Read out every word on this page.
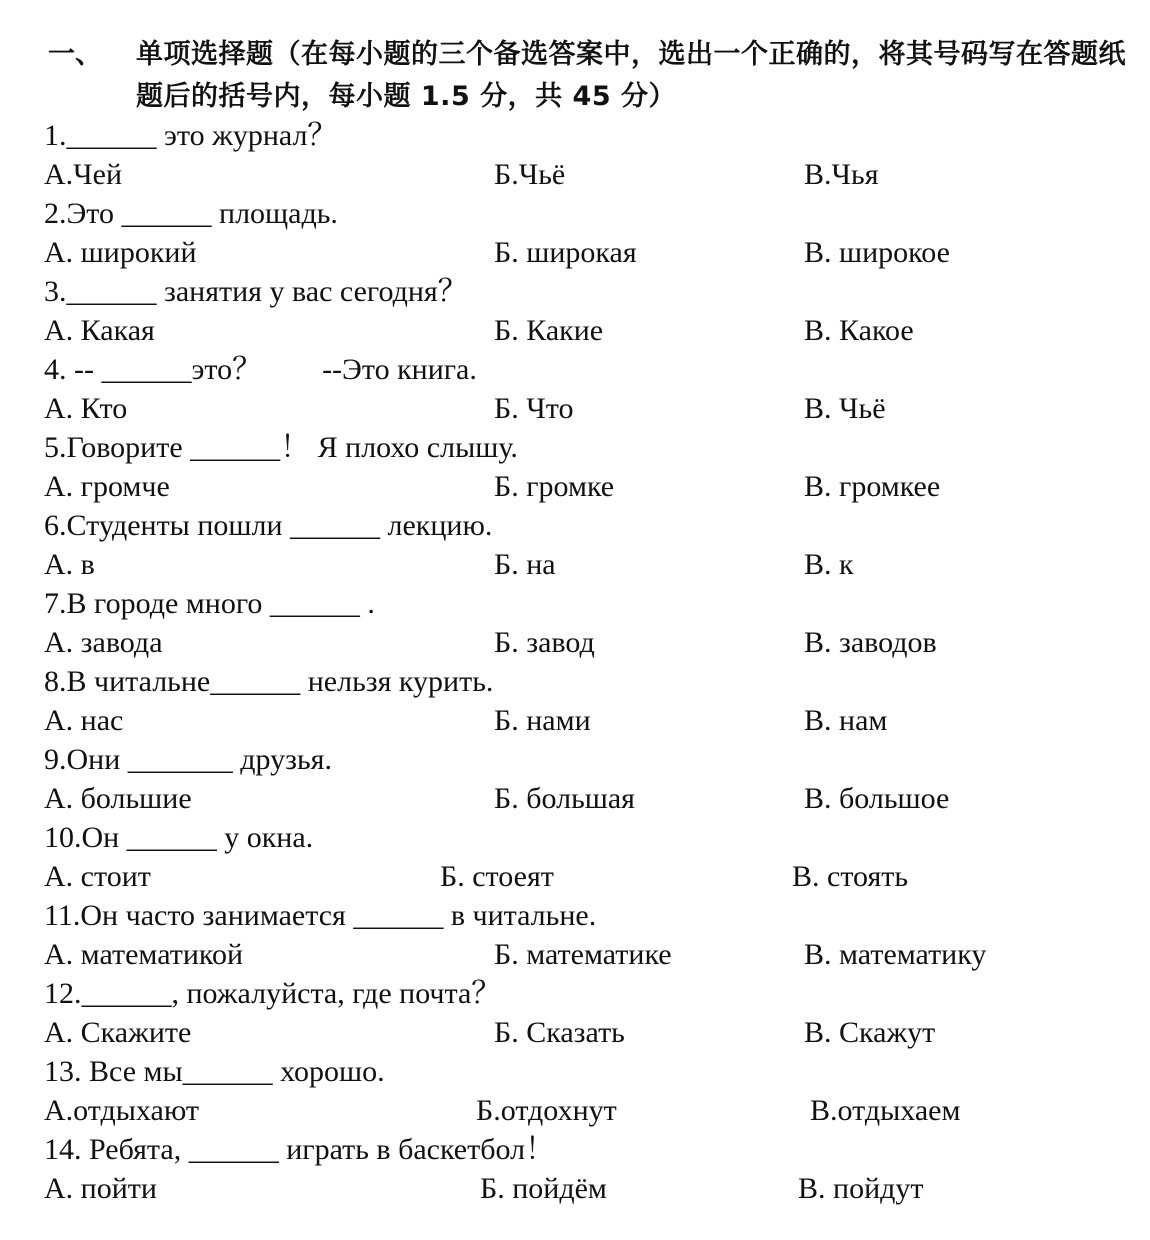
一、 单项选择题（在每小题的三个备选答案中，选出一个正确的，将其号码写在答题纸题后的括号内，每小题 1.5 分，共 45 分）
1.______ это журнал？
А.Чей	Б.Чьё	В.Чья
2.Это ______ площадь.
А. широкий	Б. широкая	В. широкое
3.______ занятия у вас сегодня？
А. Какая	Б. Какие	В. Какое
4. -- ______это？　　--Это книга.
А. Кто	Б. Что	В. Чьё
5.Говорите ______！ Я плохо слышу.
А. громче	Б. громке	В. громкее
6.Студенты пошли ______ лекцию.
А. в	Б. на	В. к
7.В городе много ______ .
А. завода	Б. завод	В. заводов
8.В читальне______ нельзя курить.
А. нас	Б. нами	В. нам
9.Они _______ друзья.
А. большие	Б. большая	В. большое
10.Он ______ у окна.
А. стоит	Б. стоеят	В. стоять
11.Он часто занимается ______ в читальне.
А. математикой	Б. математике	В. математику
12.______, пожалуйста, где почта？
А. Скажите	Б. Сказать	В. Скажут
13. Все мы______ хорошо.
А.отдыхают	Б.отдохнут	В.отдыхаем
14. Ребята, ______ играть в баскетбол！
А. пойти	Б. пойдём	В. пойдут
